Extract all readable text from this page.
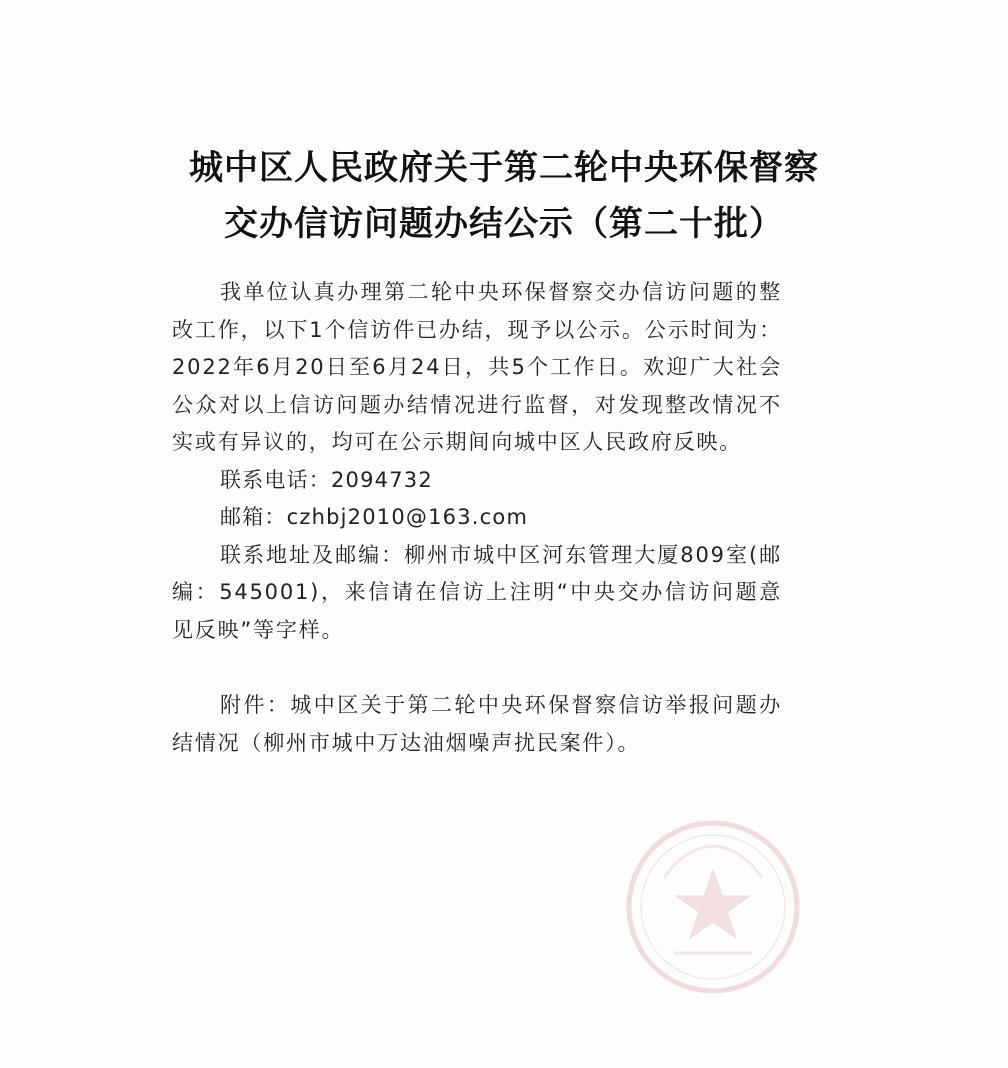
城中区人民政府关于第二轮中央环保督察
交办信访问题办结公示（第二十批）

我单位认真办理第二轮中央环保督察交办信访问题的整改工作，以下1个信访件已办结，现予以公示。公示时间为：2022年6月20日至6月24日，共5个工作日。欢迎广大社会公众对以上信访问题办结情况进行监督，对发现整改情况不实或有异议的，均可在公示期间向城中区人民政府反映。

联系电话：2094732

邮箱：czhbj2010@163.com

联系地址及邮编：柳州市城中区河东管理大厦809室(邮编：545001)，来信请在信访上注明“中央交办信访问题意见反映”等字样。

附件：城中区关于第二轮中央环保督察信访举报问题办结情况（柳州市城中万达油烟噪声扰民案件）。
